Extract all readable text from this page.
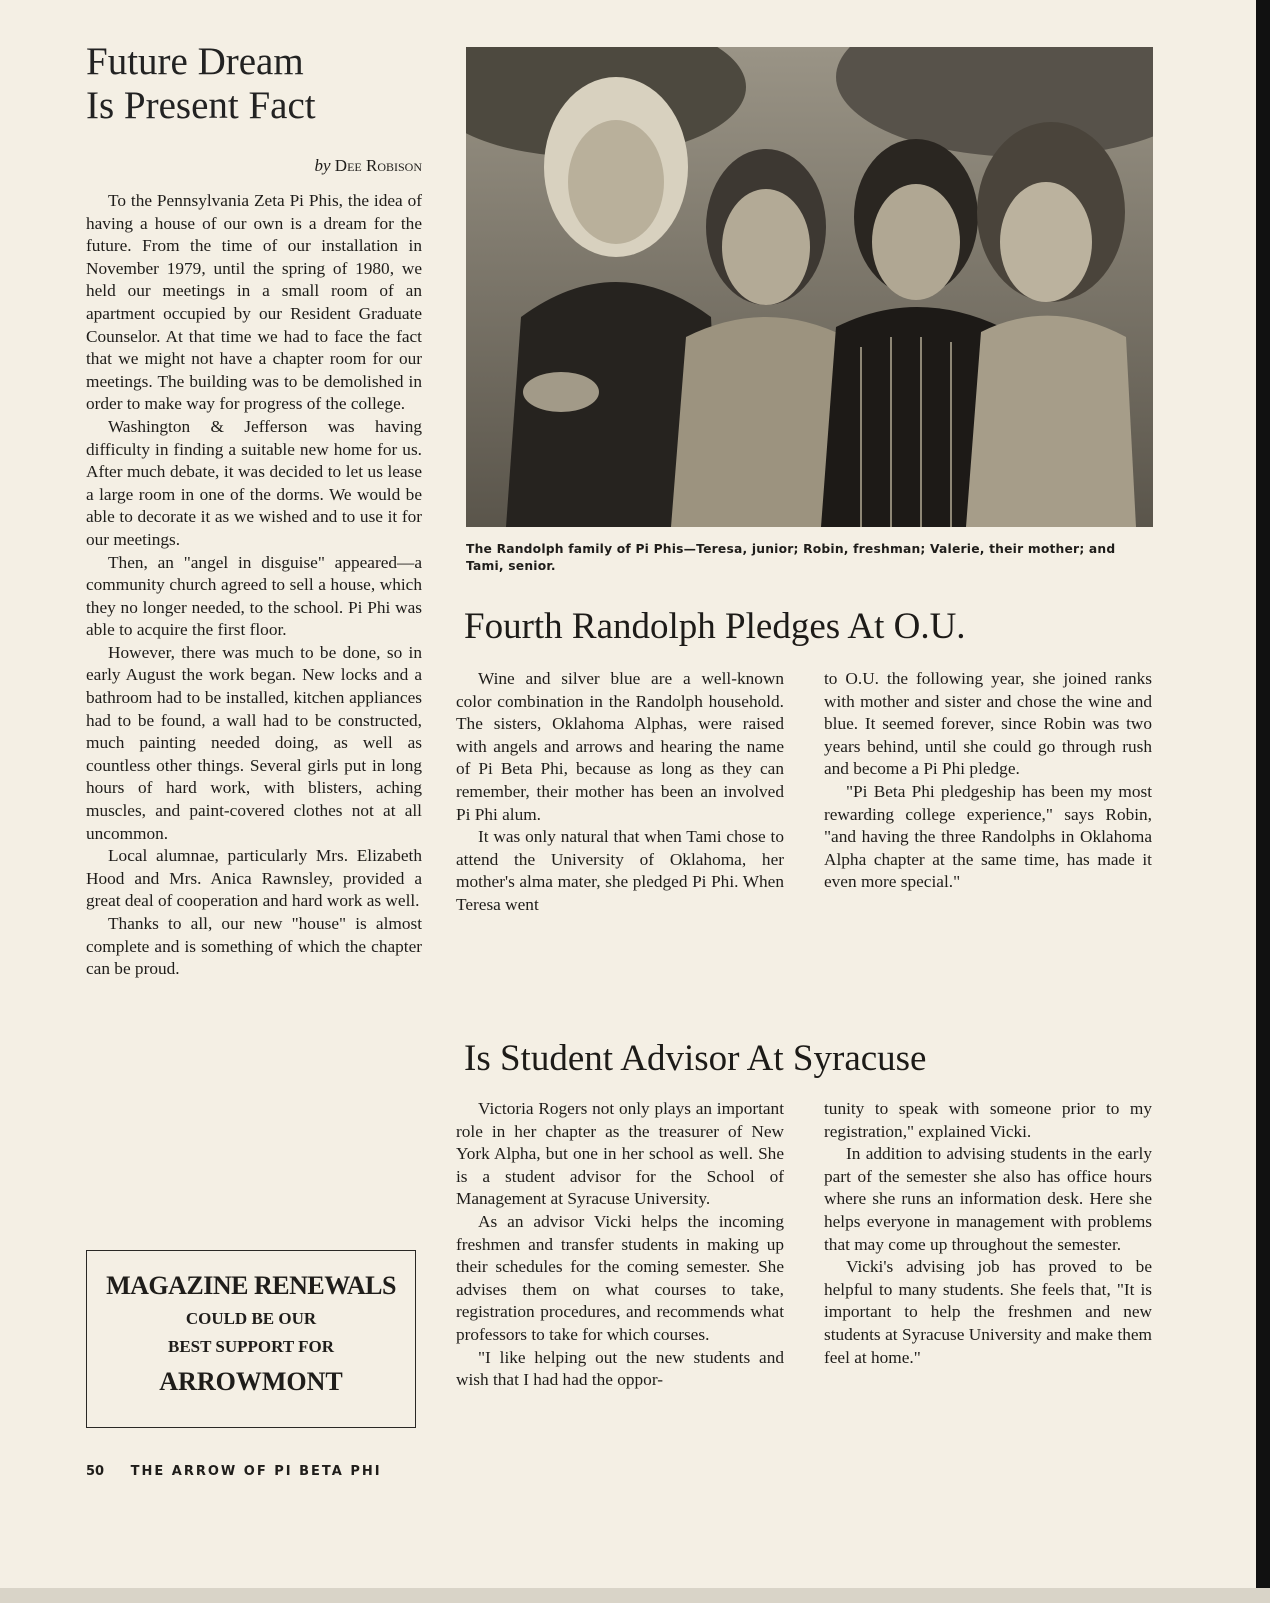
Future Dream
Is Present Fact
by Dee Robison

To the Pennsylvania Zeta Pi Phis, the idea of having a house of our own is a dream for the future. From the time of our installation in November 1979, until the spring of 1980, we held our meetings in a small room of an apartment occupied by our Resident Graduate Counselor. At that time we had to face the fact that we might not have a chapter room for our meetings. The building was to be demolished in order to make way for progress of the college.

Washington & Jefferson was having difficulty in finding a suitable new home for us. After much debate, it was decided to let us lease a large room in one of the dorms. We would be able to decorate it as we wished and to use it for our meetings.

Then, an "angel in disguise" appeared—a community church agreed to sell a house, which they no longer needed, to the school. Pi Phi was able to acquire the first floor.

However, there was much to be done, so in early August the work began. New locks and a bathroom had to be installed, kitchen appliances had to be found, a wall had to be constructed, much painting needed doing, as well as countless other things. Several girls put in long hours of hard work, with blisters, aching muscles, and paint-covered clothes not at all uncommon.

Local alumnae, particularly Mrs. Elizabeth Hood and Mrs. Anica Rawnsley, provided a great deal of cooperation and hard work as well.

Thanks to all, our new "house" is almost complete and is something of which the chapter can be proud.

The Randolph family of Pi Phis—Teresa, junior; Robin, freshman; Valerie, their mother; and Tami, senior.
Fourth Randolph Pledges At O.U.

Wine and silver blue are a well-known color combination in the Randolph household. The sisters, Oklahoma Alphas, were raised with angels and arrows and hearing the name of Pi Beta Phi, because as long as they can remember, their mother has been an involved Pi Phi alum.

It was only natural that when Tami chose to attend the University of Oklahoma, her mother's alma mater, she pledged Pi Phi. When Teresa went

to O.U. the following year, she joined ranks with mother and sister and chose the wine and blue. It seemed forever, since Robin was two years behind, until she could go through rush and become a Pi Phi pledge.

"Pi Beta Phi pledgeship has been my most rewarding college experience," says Robin, "and having the three Randolphs in Oklahoma Alpha chapter at the same time, has made it even more special."

Is Student Advisor At Syracuse

Victoria Rogers not only plays an important role in her chapter as the treasurer of New York Alpha, but one in her school as well. She is a student advisor for the School of Management at Syracuse University.

As an advisor Vicki helps the incoming freshmen and transfer students in making up their schedules for the coming semester. She advises them on what courses to take, registration procedures, and recommends what professors to take for which courses.

"I like helping out the new students and wish that I had had the oppor-

tunity to speak with someone prior to my registration," explained Vicki.

In addition to advising students in the early part of the semester she also has office hours where she runs an information desk. Here she helps everyone in management with problems that may come up throughout the semester.

Vicki's advising job has proved to be helpful to many students. She feels that, "It is important to help the freshmen and new students at Syracuse University and make them feel at home."

MAGAZINE RENEWALS
COULD BE OUR
BEST SUPPORT FOR
ARROWMONT
50 THE ARROW OF PI BETA PHI
